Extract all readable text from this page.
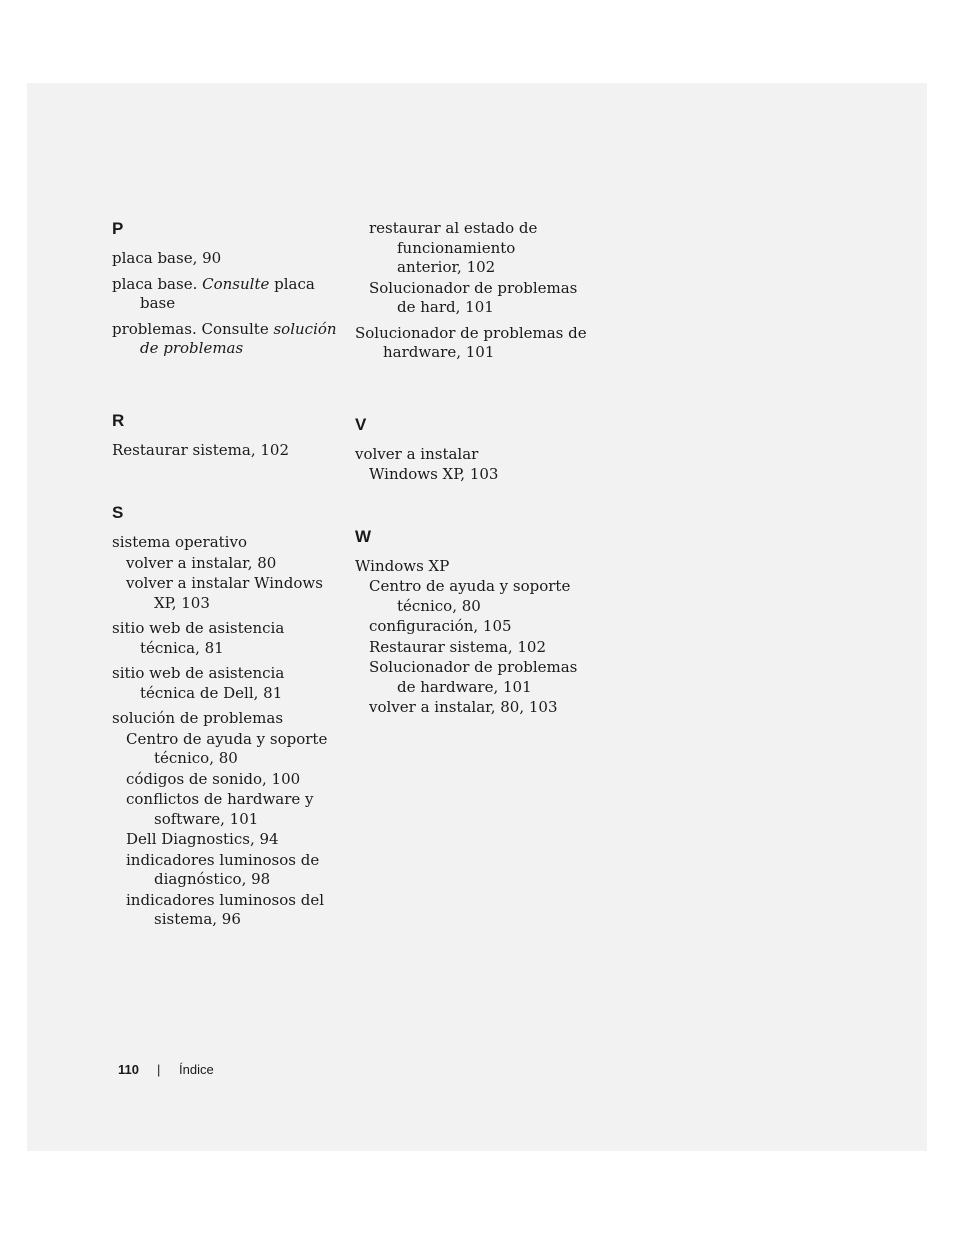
P
placa base, 90
placa base. Consulte placa base
problemas. Consulte solución de problemas
R
Restaurar sistema, 102
S
sistema operativo
volver a instalar, 80
volver a instalar Windows XP, 103
sitio web de asistencia técnica, 81
sitio web de asistencia técnica de Dell, 81
solución de problemas
Centro de ayuda y soporte técnico, 80
códigos de sonido, 100
conflictos de hardware y software, 101
Dell Diagnostics, 94
indicadores luminosos de diagnóstico, 98
indicadores luminosos del sistema, 96
restaurar al estado de funcionamiento anterior, 102
Solucionador de problemas de hard, 101
Solucionador de problemas de hardware, 101
V
volver a instalar
Windows XP, 103
W
Windows XP
Centro de ayuda y soporte técnico, 80
configuración, 105
Restaurar sistema, 102
Solucionador de problemas de hardware, 101
volver a instalar, 80, 103
110 | Índice
